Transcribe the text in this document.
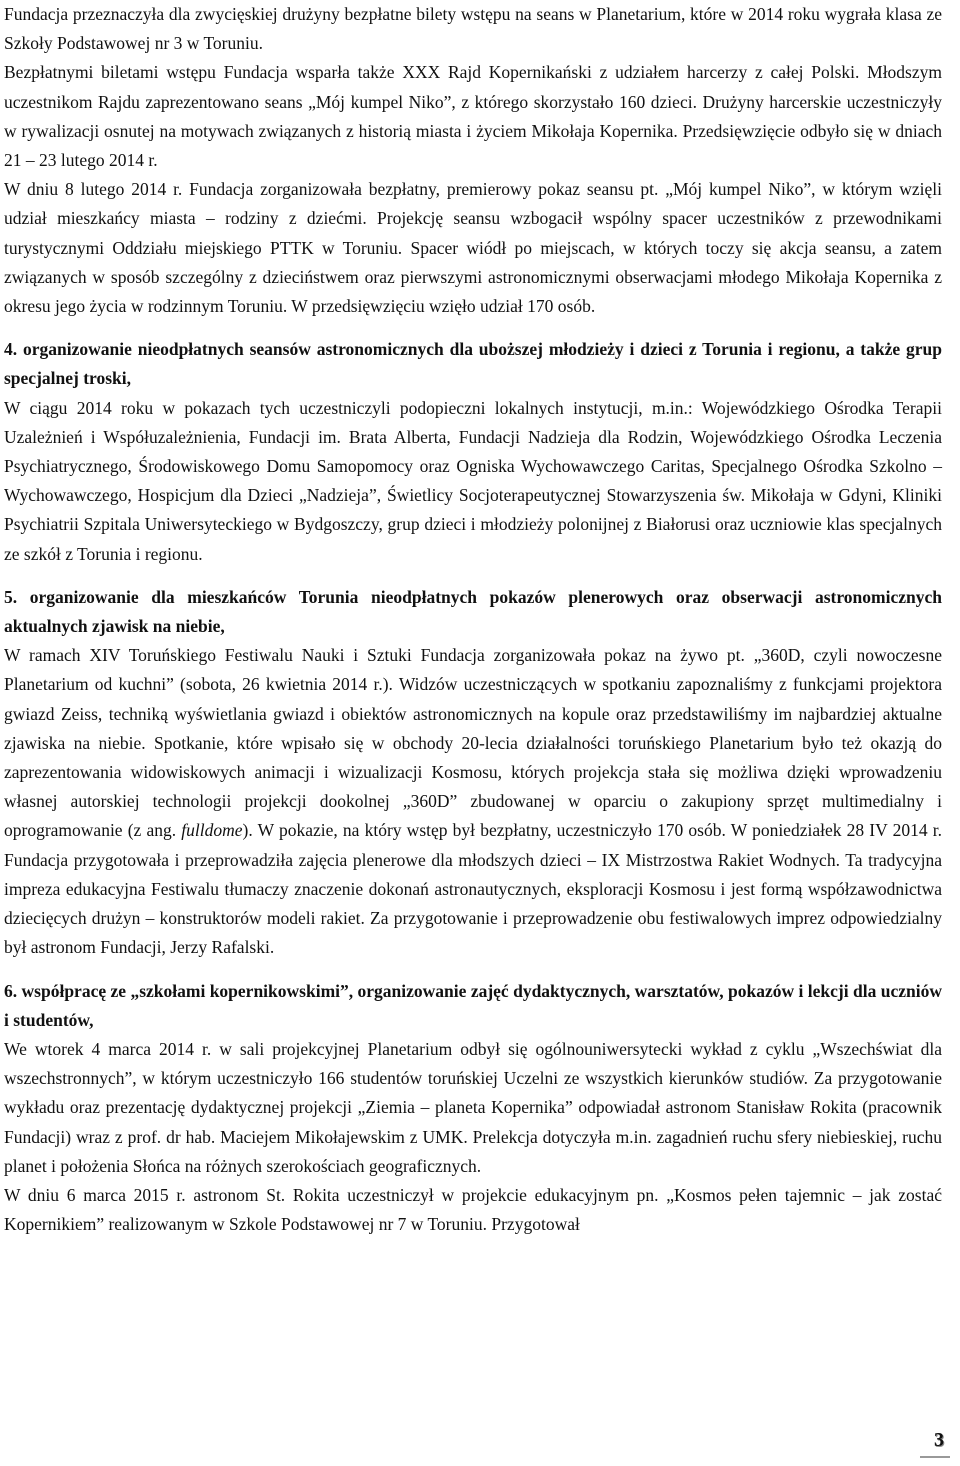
Fundacja przeznaczyła dla zwycięskiej drużyny bezpłatne bilety wstępu na seans w Planetarium, które w 2014 roku wygrała klasa ze Szkoły Podstawowej nr 3 w Toruniu.

Bezpłatnymi biletami wstępu Fundacja wsparła także XXX Rajd Kopernikański z udziałem harcerzy z całej Polski. Młodszym uczestnikom Rajdu zaprezentowano seans „Mój kumpel Niko”, z którego skorzystało 160 dzieci. Drużyny harcerskie uczestniczyły w rywalizacji osnutej na motywach związanych z historią miasta i życiem Mikołaja Kopernika. Przedsięwzięcie odbyło się w dniach 21 – 23 lutego 2014 r.

W dniu 8 lutego 2014 r. Fundacja zorganizowała bezpłatny, premierowy pokaz seansu pt. „Mój kumpel Niko”, w którym wzięli udział mieszkańcy miasta – rodziny z dziećmi. Projekcję seansu wzbogacił wspólny spacer uczestników z przewodnikami turystycznymi Oddziału miejskiego PTTK w Toruniu. Spacer wiódł po miejscach, w których toczy się akcja seansu, a zatem związanych w sposób szczególny z dzieciństwem oraz pierwszymi astronomicznymi obserwacjami młodego Mikołaja Kopernika z okresu jego życia w rodzinnym Toruniu. W przedsięwzięciu wzięło udział 170 osób.

4. organizowanie nieodpłatnych seansów astronomicznych dla uboższej młodzieży i dzieci z Torunia i regionu, a także grup specjalnej troski,

W ciągu 2014 roku w pokazach tych uczestniczyli podopieczni lokalnych instytucji, m.in.: Wojewódzkiego Ośrodka Terapii Uzależnień i Współuzależnienia, Fundacji im. Brata Alberta, Fundacji Nadzieja dla Rodzin, Wojewódzkiego Ośrodka Leczenia Psychiatrycznego, Środowiskowego Domu Samopomocy oraz Ogniska Wychowawczego Caritas, Specjalnego Ośrodka Szkolno – Wychowawczego, Hospicjum dla Dzieci „Nadzieja”, Świetlicy Socjoterapeutycznej Stowarzyszenia św. Mikołaja w Gdyni, Kliniki Psychiatrii Szpitala Uniwersyteckiego w Bydgoszczy, grup dzieci i młodzieży polonijnej z Białorusi oraz uczniowie klas specjalnych ze szkół z Torunia i regionu.

5. organizowanie dla mieszkańców Torunia nieodpłatnych pokazów plenerowych oraz obserwacji astronomicznych aktualnych zjawisk na niebie,

W ramach XIV Toruńskiego Festiwalu Nauki i Sztuki Fundacja zorganizowała pokaz na żywo pt. „360D, czyli nowoczesne Planetarium od kuchni” (sobota, 26 kwietnia 2014 r.). Widzów uczestniczących w spotkaniu zapoznaliśmy z funkcjami projektora gwiazd Zeiss, techniką wyświetlania gwiazd i obiektów astronomicznych na kopule oraz przedstawiliśmy im najbardziej aktualne zjawiska na niebie. Spotkanie, które wpisało się w obchody 20-lecia działalności toruńskiego Planetarium było też okazją do zaprezentowania widowiskowych animacji i wizualizacji Kosmosu, których projekcja stała się możliwa dzięki wprowadzeniu własnej autorskiej technologii projekcji dookolnej „360D” zbudowanej w oparciu o zakupiony sprzęt multimedialny i oprogramowanie (z ang. fulldome). W pokazie, na który wstęp był bezpłatny, uczestniczyło 170 osób. W poniedziałek 28 IV 2014 r. Fundacja przygotowała i przeprowadziła zajęcia plenerowe dla młodszych dzieci – IX Mistrzostwa Rakiet Wodnych. Ta tradycyjna impreza edukacyjna Festiwalu tłumaczy znaczenie dokonań astronautycznych, eksploracji Kosmosu i jest formą współzawodnictwa dziecięcych drużyn – konstruktorów modeli rakiet. Za przygotowanie i przeprowadzenie obu festiwalowych imprez odpowiedzialny był astronom Fundacji, Jerzy Rafalski.

6. współpracę ze „szkołami kopernikowskimi”, organizowanie zajęć dydaktycznych, warsztatów, pokazów i lekcji dla uczniów i studentów,

We wtorek 4 marca 2014 r. w sali projekcyjnej Planetarium odbył się ogólnouniwersytecki wykład z cyklu „Wszechświat dla wszechstronnych”, w którym uczestniczyło 166 studentów toruńskiej Uczelni ze wszystkich kierunków studiów. Za przygotowanie wykładu oraz prezentację dydaktycznej projekcji „Ziemia – planeta Kopernika” odpowiadał astronom Stanisław Rokita (pracownik Fundacji) wraz z prof. dr hab. Maciejem Mikołajewskim z UMK. Prelekcja dotyczyła m.in. zagadnień ruchu sfery niebieskiej, ruchu planet i położenia Słońca na różnych szerokościach geograficznych.

W dniu 6 marca 2015 r. astronom St. Rokita uczestniczył w projekcie edukacyjnym pn. „Kosmos pełen tajemnic – jak zostać Kopernikiem” realizowanym w Szkole Podstawowej nr 7 w Toruniu. Przygotował

3
